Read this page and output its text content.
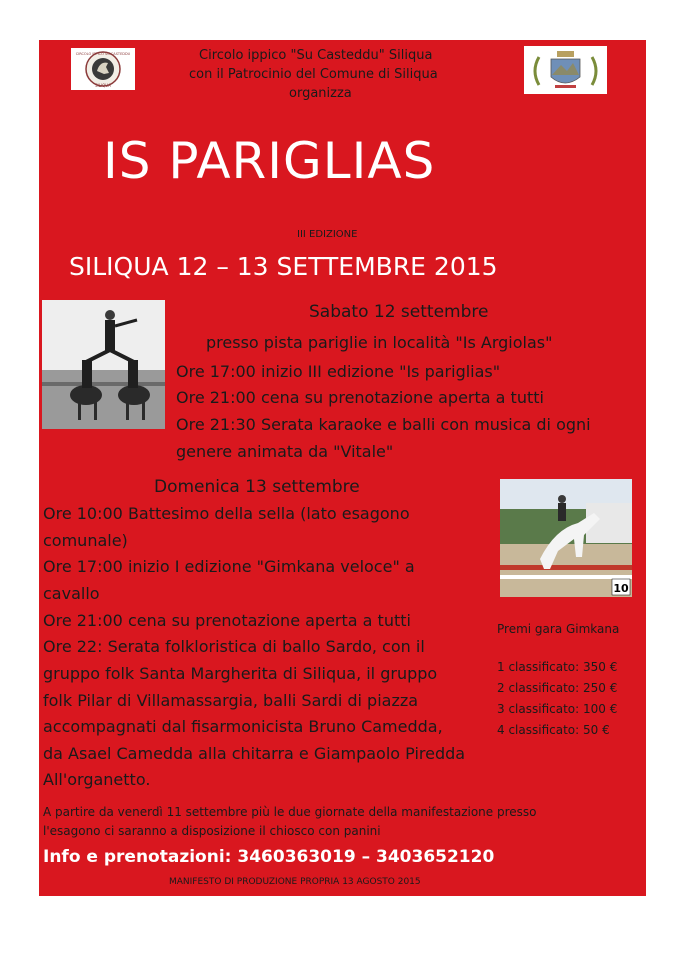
CIRCOLO IPPICO SU CASTEDDU
SILIQUA

Circolo ippico "Su Casteddu" Siliqua

con il Patrocinio del Comune di Siliqua

organizza

IS PARIGLIAS

III EDIZIONE

SILIQUA 12 – 13 SETTEMBRE 2015

Sabato 12 settembre

presso pista pariglie in località "Is Argiolas"

Ore 17:00 inizio III edizione "Is pariglias"

Ore 21:00 cena su prenotazione aperta a tutti

Ore 21:30 Serata karaoke e balli con musica di ogni

genere animata da "Vitale"

Domenica 13 settembre

Ore 10:00 Battesimo della sella (lato esagono

comunale)

Ore 17:00 inizio I edizione "Gimkana veloce" a

cavallo

Ore 21:00 cena su prenotazione aperta a tutti

Ore 22: Serata folkloristica di ballo Sardo, con il

gruppo folk Santa Margherita di Siliqua, il gruppo

folk Pilar di Villamassargia, balli Sardi di piazza

accompagnati dal fisarmonicista Bruno Camedda,

da Asael Camedda alla chitarra e Giampaolo Piredda

All'organetto.

10

Premi gara Gimkana

1 classificato: 350 €

2 classificato: 250 €

3 classificato: 100 €

4 classificato: 50 €

A partire da venerdì 11 settembre più le due giornate della manifestazione presso

l'esagono ci saranno a disposizione il chiosco con panini

Info e prenotazioni: 3460363019 – 3403652120

MANIFESTO DI PRODUZIONE PROPRIA 13 AGOSTO 2015
